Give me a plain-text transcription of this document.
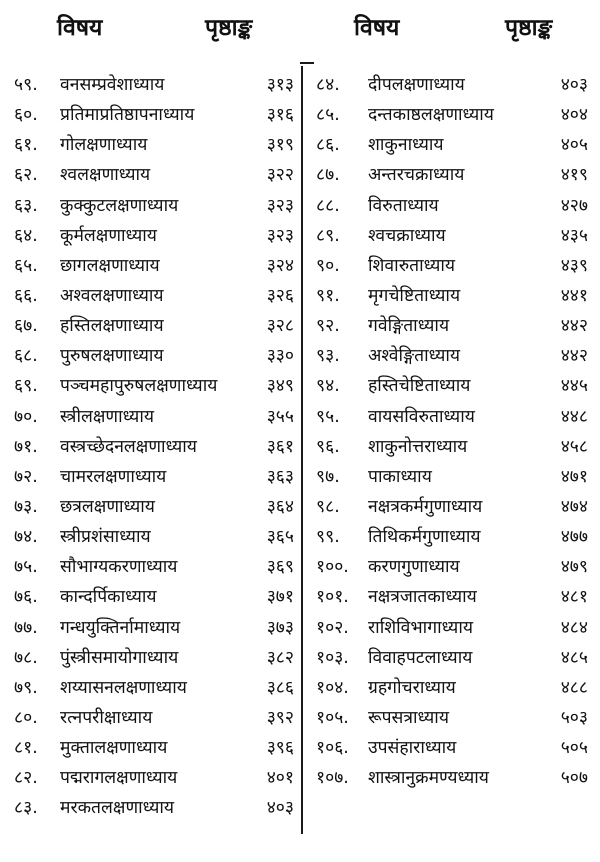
विषय	पृष्ठाङ्क
५९. वनसम्प्रवेशाध्याय	३१३
६०. प्रतिमाप्रतिष्ठापनाध्याय	३१६
६१. गोलक्षणाध्याय	३१९
६२. श्वलक्षणाध्याय	३२२
६३. कुक्कुटलक्षणाध्याय	३२३
६४. कूर्मलक्षणाध्याय	३२३
६५. छागलक्षणाध्याय	३२४
६६. अश्वलक्षणाध्याय	३२६
६७. हस्तिलक्षणाध्याय	३२८
६८. पुरुषलक्षणाध्याय	३३०
६९. पञ्चमहापुरुषलक्षणाध्याय	३४९
७०. स्त्रीलक्षणाध्याय	३५५
७१. वस्त्रच्छेदनलक्षणाध्याय	३६१
७२. चामरलक्षणाध्याय	३६३
७३. छत्रलक्षणाध्याय	३६४
७४. स्त्रीप्रशंसाध्याय	३६५
७५. सौभाग्यकरणाध्याय	३६९
७६. कान्दर्पिकाध्याय	३७१
७७. गन्धयुक्तिर्नामाध्याय	३७३
७८. पुंस्त्रीसमायोगाध्याय	३८२
७९. शय्यासनलक्षणाध्याय	३८६
८०. रत्नपरीक्षाध्याय	३९२
८१. मुक्तालक्षणाध्याय	३९६
८२. पद्मरागलक्षणाध्याय	४०१
८३. मरकतलक्षणाध्याय	४०३
विषय	पृष्ठाङ्क
८४. दीपलक्षणाध्याय	४०३
८५. दन्तकाष्ठलक्षणाध्याय	४०४
८६. शाकुनाध्याय	४०५
८७. अन्तरचक्राध्याय	४१९
८८. विरुताध्याय	४२७
८९. श्वचक्राध्याय	४३५
९०. शिवारुताध्याय	४३९
९१. मृगचेष्टिताध्याय	४४१
९२. गवेङ्गिताध्याय	४४२
९३. अश्वेङ्गिताध्याय	४४२
९४. हस्तिचेष्टिताध्याय	४४५
९५. वायसविरुताध्याय	४४८
९६. शाकुनोत्तराध्याय	४५८
९७. पाकाध्याय	४७१
९८. नक्षत्रकर्मगुणाध्याय	४७४
९९. तिथिकर्मगुणाध्याय	४७७
१००. करणगुणाध्याय	४७९
१०१. नक्षत्रजातकाध्याय	४८१
१०२. राशिविभागाध्याय	४८४
१०३. विवाहपटलाध्याय	४८५
१०४. ग्रहगोचराध्याय	४८८
१०५. रूपसत्राध्याय	५०३
१०६. उपसंहाराध्याय	५०५
१०७. शास्त्रानुक्रमण्यध्याय	५०७
